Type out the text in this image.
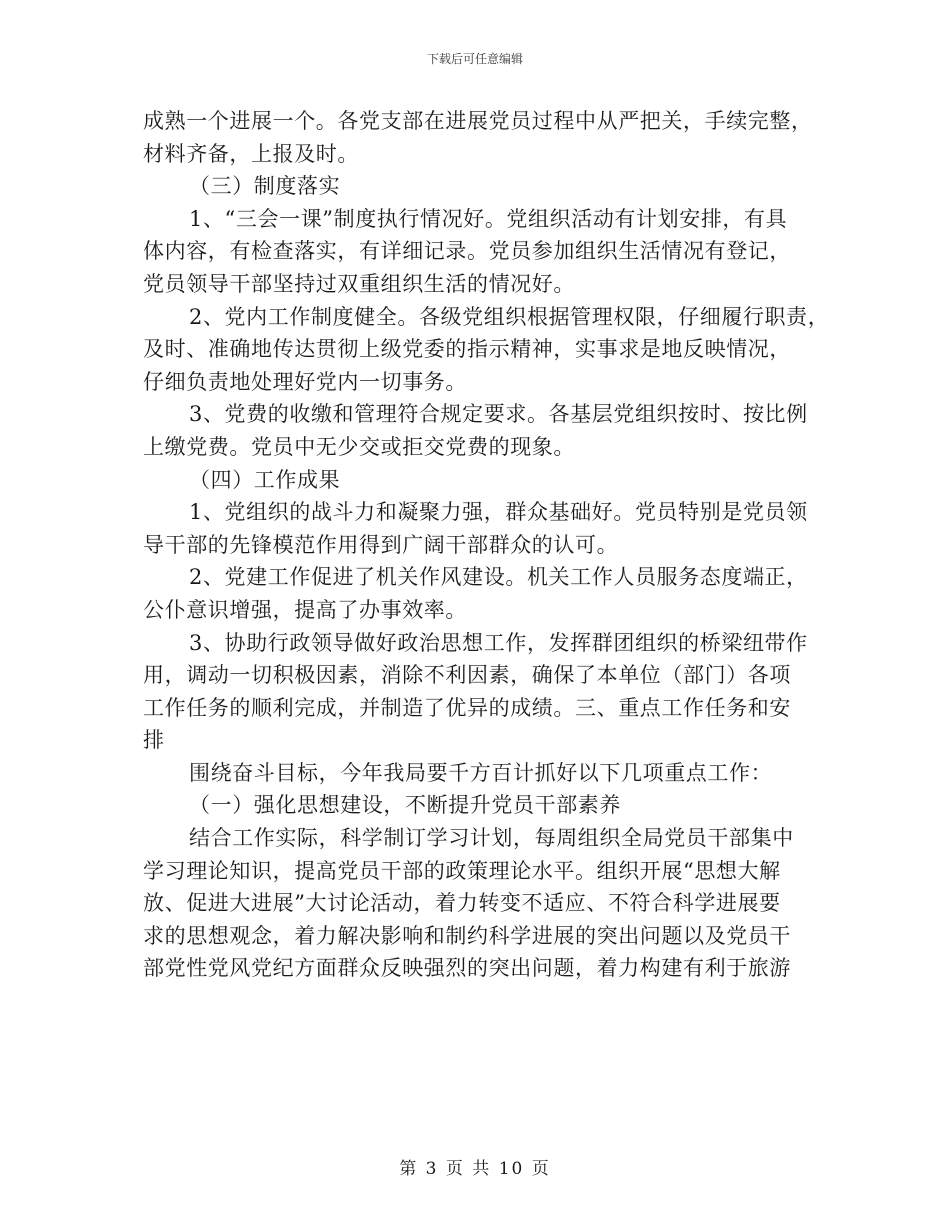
下载后可任意编辑
成熟一个进展一个。各党支部在进展党员过程中从严把关，手续完整，
材料齐备，上报及时。
（三）制度落实
1、“三会一课”制度执行情况好。党组织活动有计划安排，有具
体内容，有检查落实，有详细记录。党员参加组织生活情况有登记，
党员领导干部坚持过双重组织生活的情况好。
2、党内工作制度健全。各级党组织根据管理权限，仔细履行职责，
及时、准确地传达贯彻上级党委的指示精神，实事求是地反映情况，
仔细负责地处理好党内一切事务。
3、党费的收缴和管理符合规定要求。各基层党组织按时、按比例
上缴党费。党员中无少交或拒交党费的现象。
（四）工作成果
1、党组织的战斗力和凝聚力强，群众基础好。党员特别是党员领
导干部的先锋模范作用得到广阔干部群众的认可。
2、党建工作促进了机关作风建设。机关工作人员服务态度端正，
公仆意识增强，提高了办事效率。
3、协助行政领导做好政治思想工作，发挥群团组织的桥梁纽带作
用，调动一切积极因素，消除不利因素，确保了本单位（部门）各项
工作任务的顺利完成，并制造了优异的成绩。三、重点工作任务和安
排
围绕奋斗目标，今年我局要千方百计抓好以下几项重点工作：
（一）强化思想建设，不断提升党员干部素养
结合工作实际，科学制订学习计划，每周组织全局党员干部集中
学习理论知识，提高党员干部的政策理论水平。组织开展“思想大解
放、促进大进展”大讨论活动，着力转变不适应、不符合科学进展要
求的思想观念，着力解决影响和制约科学进展的突出问题以及党员干
部党性党风党纪方面群众反映强烈的突出问题，着力构建有利于旅游
第 3 页 共 10 页
